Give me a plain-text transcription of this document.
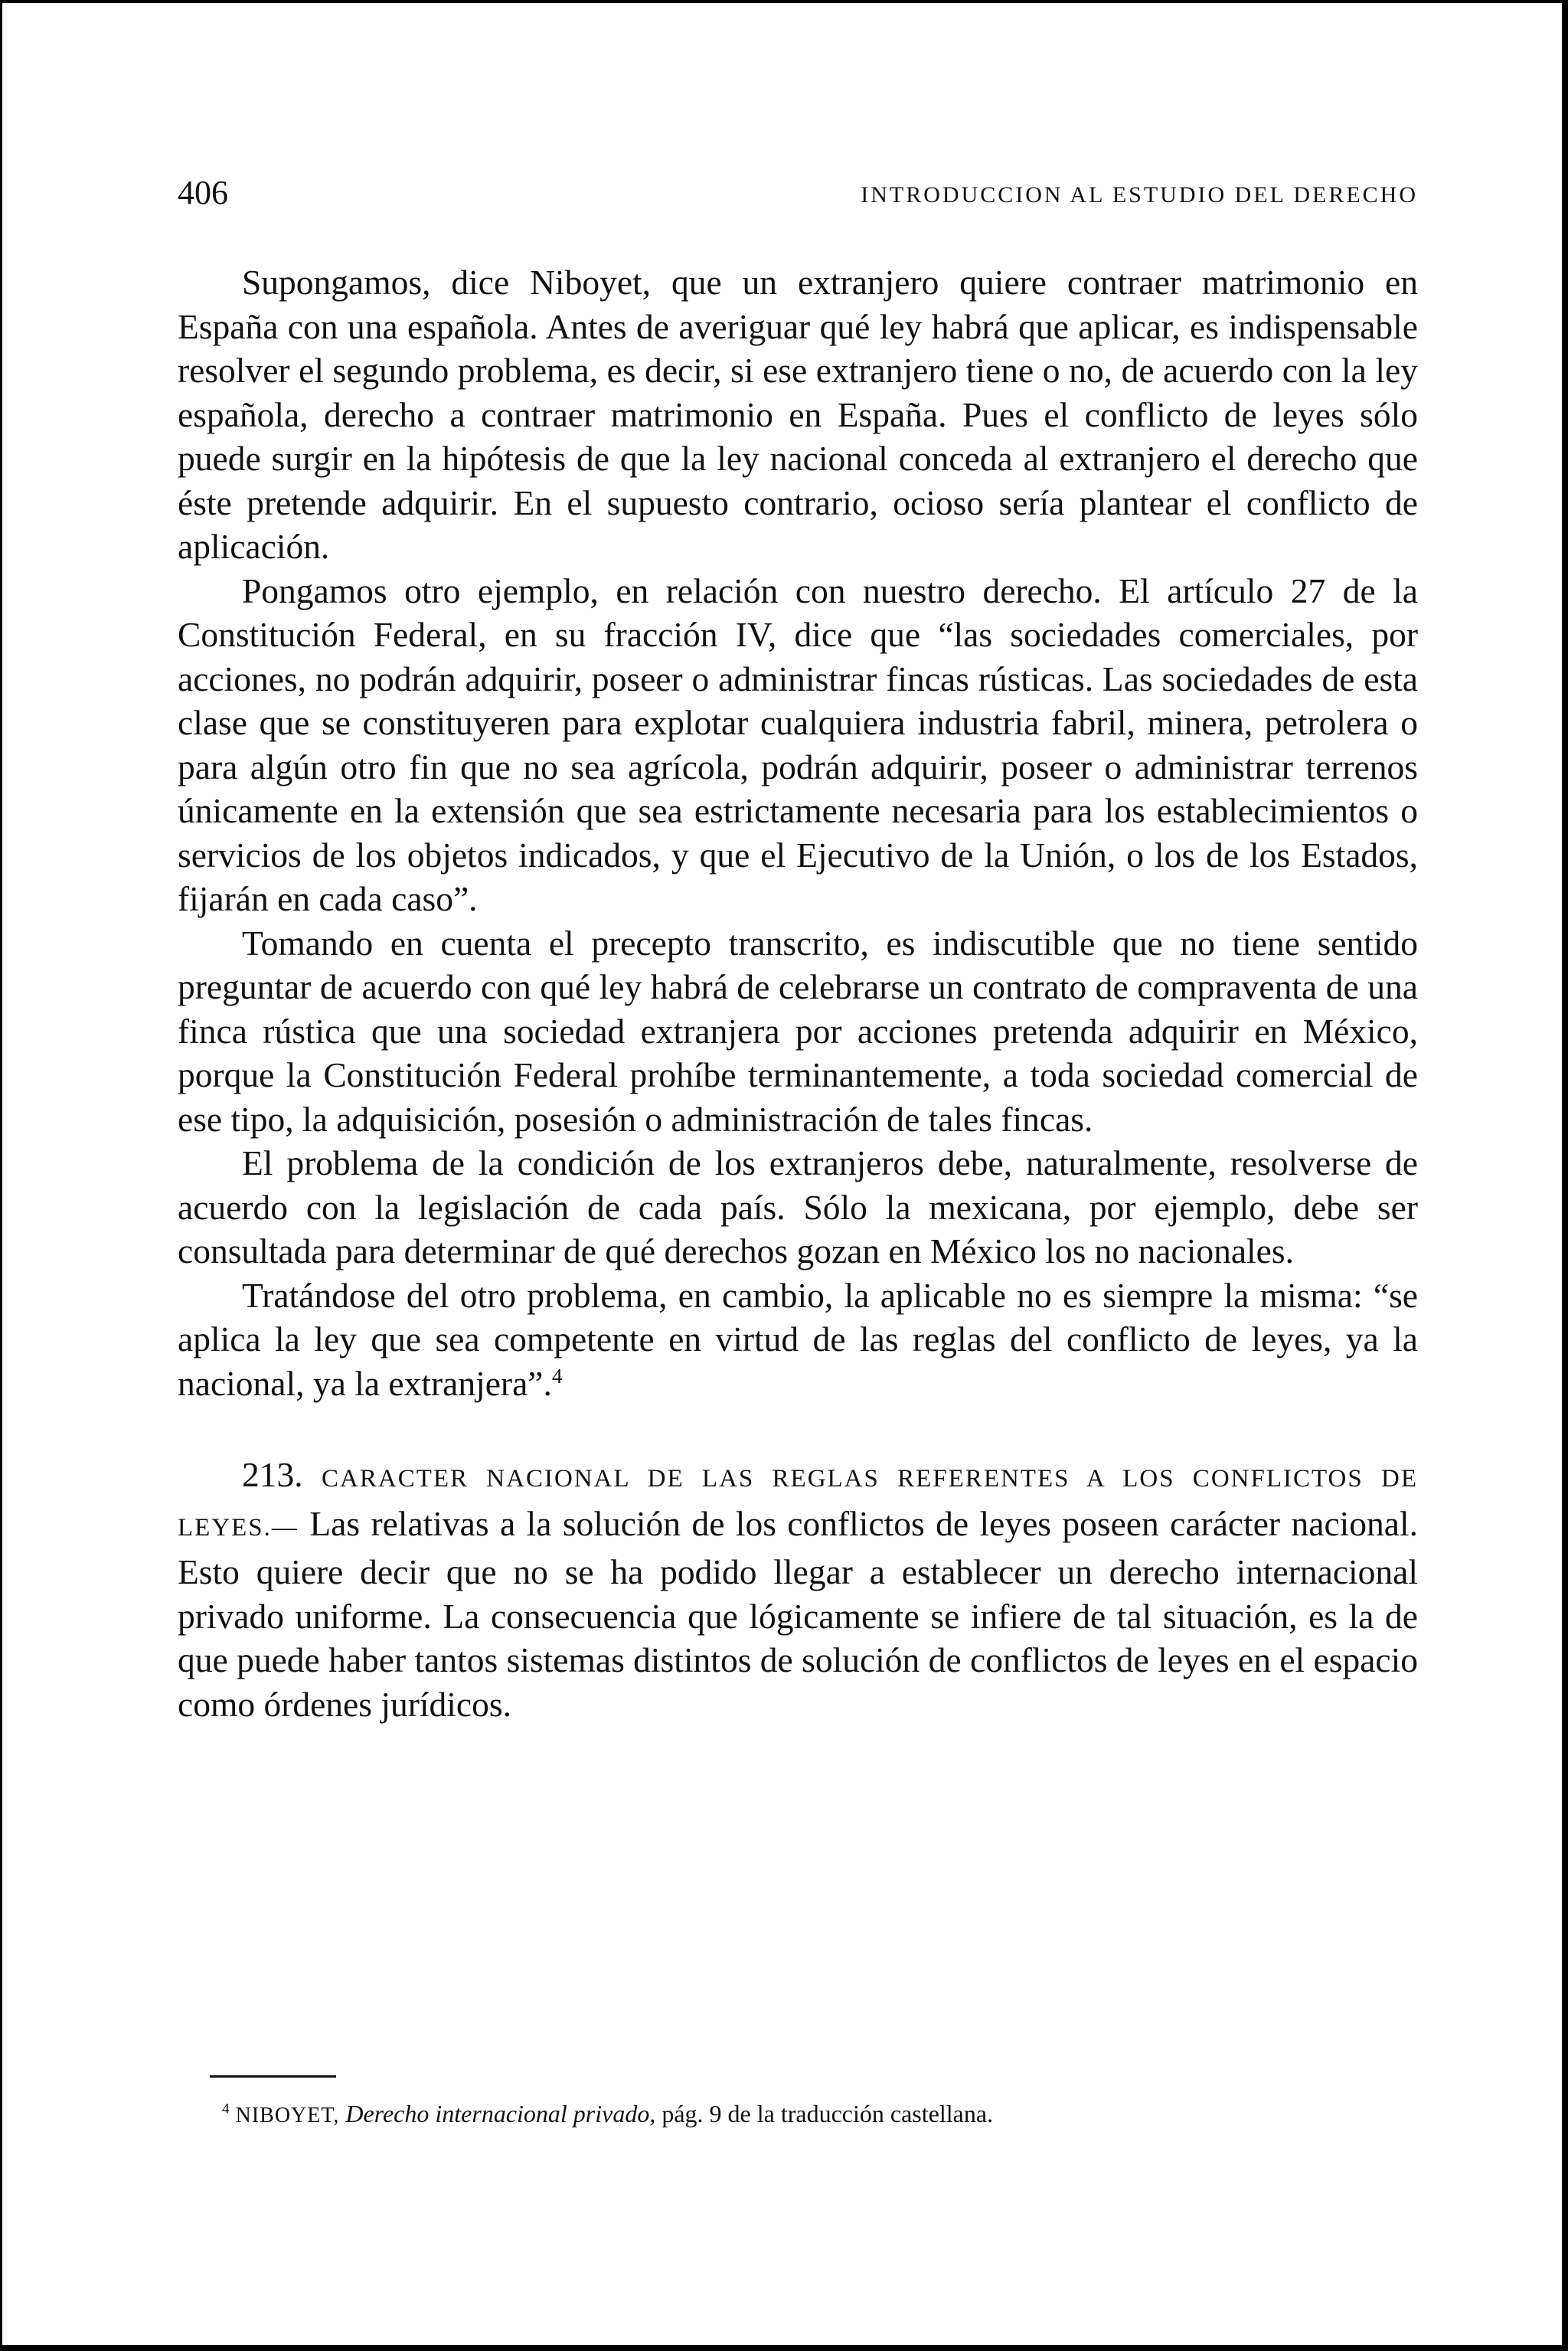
406	INTRODUCCION AL ESTUDIO DEL DERECHO

Supongamos, dice Niboyet, que un extranjero quiere contraer matrimonio en España con una española. Antes de averiguar qué ley habrá que aplicar, es indispensable resolver el segundo problema, es decir, si ese extranjero tiene o no, de acuerdo con la ley española, derecho a contraer matrimonio en España. Pues el conflicto de leyes sólo puede surgir en la hipótesis de que la ley nacional conceda al extranjero el derecho que éste pretende adquirir. En el supuesto contrario, ocioso sería plantear el conflicto de aplicación.

Pongamos otro ejemplo, en relación con nuestro derecho. El artículo 27 de la Constitución Federal, en su fracción IV, dice que “las sociedades comerciales, por acciones, no podrán adquirir, poseer o administrar fincas rústicas. Las sociedades de esta clase que se constituyeren para explotar cualquiera industria fabril, minera, petrolera o para algún otro fin que no sea agrícola, podrán adquirir, poseer o administrar terrenos únicamente en la extensión que sea estrictamente necesaria para los establecimientos o servicios de los objetos indicados, y que el Ejecutivo de la Unión, o los de los Estados, fijarán en cada caso”.

Tomando en cuenta el precepto transcrito, es indiscutible que no tiene sentido preguntar de acuerdo con qué ley habrá de celebrarse un contrato de compraventa de una finca rústica que una sociedad extranjera por acciones pretenda adquirir en México, porque la Constitución Federal prohíbe terminantemente, a toda sociedad comercial de ese tipo, la adquisición, posesión o administración de tales fincas.

El problema de la condición de los extranjeros debe, naturalmente, resolverse de acuerdo con la legislación de cada país. Sólo la mexicana, por ejemplo, debe ser consultada para determinar de qué derechos gozan en México los no nacionales.

Tratándose del otro problema, en cambio, la aplicable no es siempre la misma: “se aplica la ley que sea competente en virtud de las reglas del conflicto de leyes, ya la nacional, ya la extranjera”.$^4$

213. CARACTER NACIONAL DE LAS REGLAS REFERENTES A LOS CONFLICTOS DE LEYES.— Las relativas a la solución de los conflictos de leyes poseen carácter nacional. Esto quiere decir que no se ha podido llegar a establecer un derecho internacional privado uniforme. La consecuencia que lógicamente se infiere de tal situación, es la de que puede haber tantos sistemas distintos de solución de conflictos de leyes en el espacio como órdenes jurídicos.

$^4$ NIBOYET, Derecho internacional privado, pág. 9 de la traducción castellana.
